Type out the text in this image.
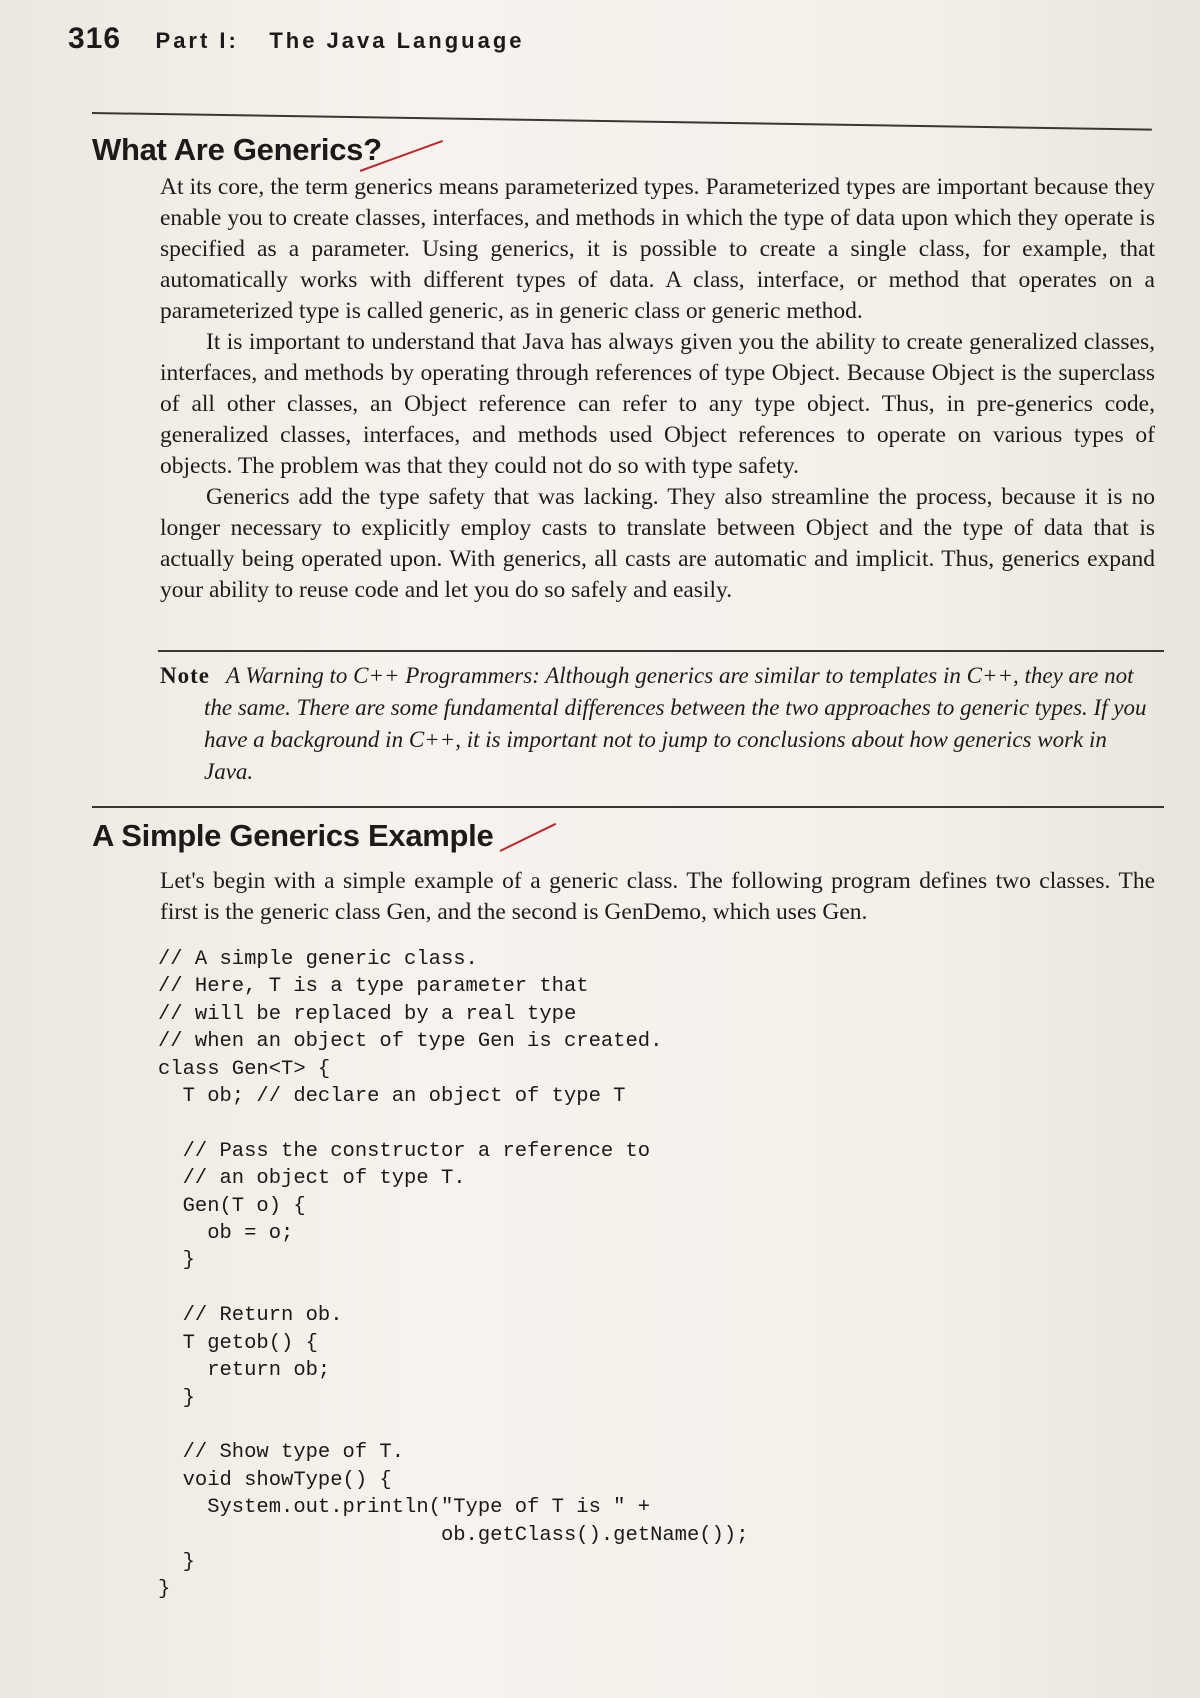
316 Part I: The Java Language
What Are Generics?

At its core, the term generics means parameterized types. Parameterized types are important because they enable you to create classes, interfaces, and methods in which the type of data upon which they operate is specified as a parameter. Using generics, it is possible to create a single class, for example, that automatically works with different types of data. A class, interface, or method that operates on a parameterized type is called generic, as in generic class or generic method.

It is important to understand that Java has always given you the ability to create generalized classes, interfaces, and methods by operating through references of type Object. Because Object is the superclass of all other classes, an Object reference can refer to any type object. Thus, in pre-generics code, generalized classes, interfaces, and methods used Object references to operate on various types of objects. The problem was that they could not do so with type safety.

Generics add the type safety that was lacking. They also streamline the process, because it is no longer necessary to explicitly employ casts to translate between Object and the type of data that is actually being operated upon. With generics, all casts are automatic and implicit. Thus, generics expand your ability to reuse code and let you do so safely and easily.

Note A Warning to C++ Programmers: Although generics are similar to templates in C++, they are not the same. There are some fundamental differences between the two approaches to generic types. If you have a background in C++, it is important not to jump to conclusions about how generics work in Java.
A Simple Generics Example

Let's begin with a simple example of a generic class. The following program defines two classes. The first is the generic class Gen, and the second is GenDemo, which uses Gen.

// A simple generic class.
// Here, T is a type parameter that
// will be replaced by a real type
// when an object of type Gen is created.
class Gen<T> {
T ob; // declare an object of type T

// Pass the constructor a reference to
// an object of type T.
Gen(T o) {
ob = o;
}

// Return ob.
T getob() {
return ob;
}

// Show type of T.
void showType() {
System.out.println("Type of T is " +
ob.getClass().getName());
}
}
